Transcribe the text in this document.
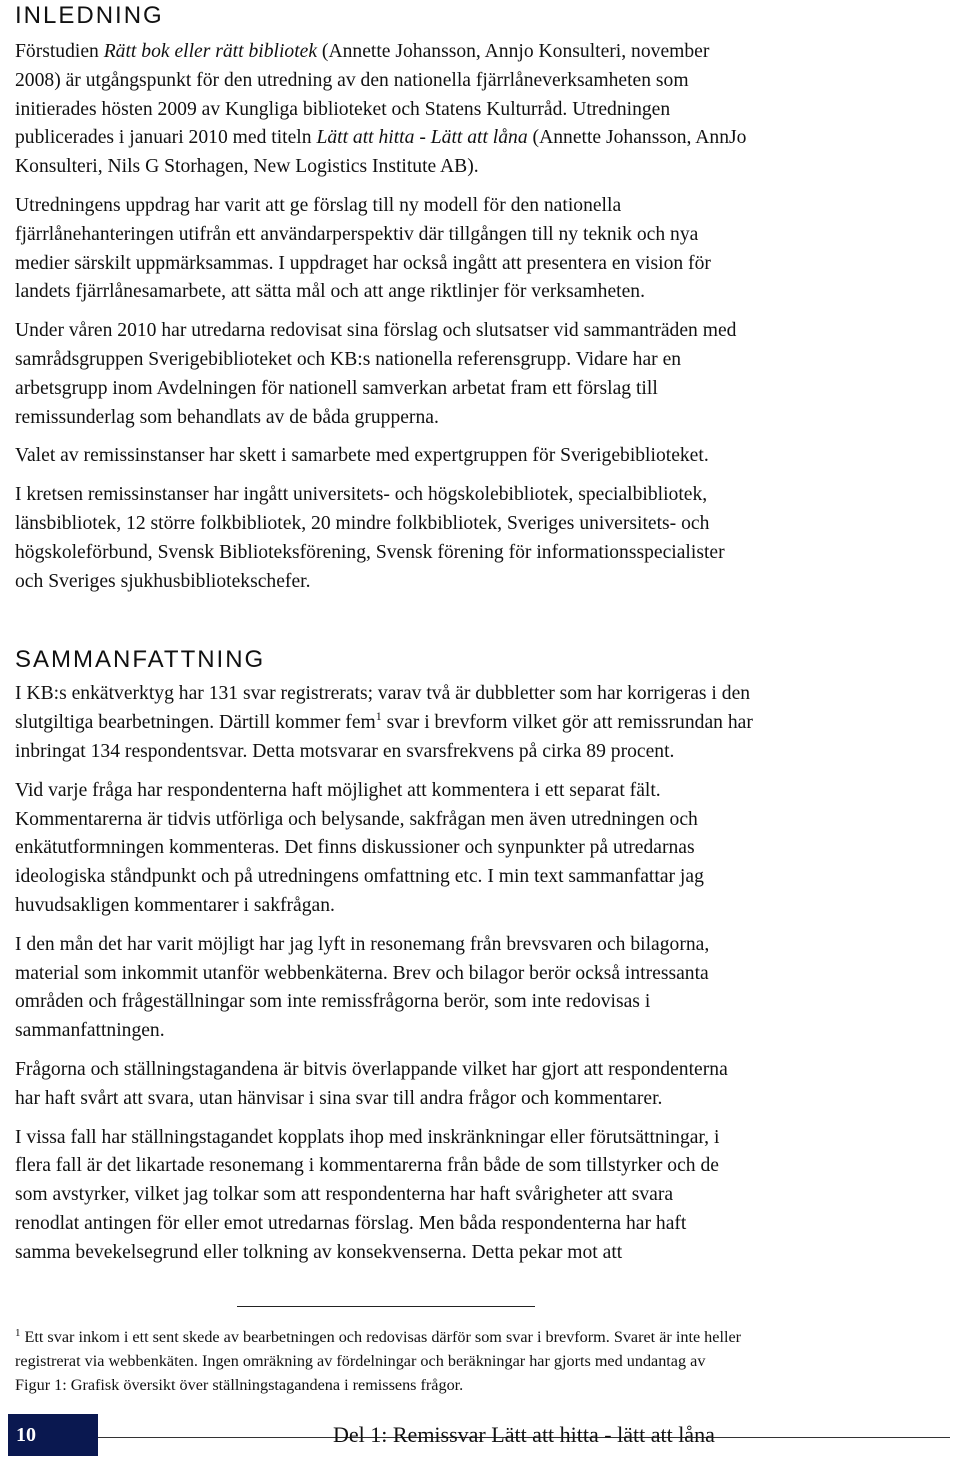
INLEDNING

Förstudien Rätt bok eller rätt bibliotek (Annette Johansson, Annjo Konsulteri, november
2008) är utgångspunkt för den utredning av den nationella fjärrlåneverksamheten som
initierades hösten 2009 av Kungliga biblioteket och Statens Kulturråd. Utredningen
publicerades i januari 2010 med titeln Lätt att hitta - Lätt att låna (Annette Johansson, AnnJo
Konsulteri, Nils G Storhagen, New Logistics Institute AB).

Utredningens uppdrag har varit att ge förslag till ny modell för den nationella
fjärrlånehanteringen utifrån ett användarperspektiv där tillgången till ny teknik och nya
medier särskilt uppmärksammas. I uppdraget har också ingått att presentera en vision för
landets fjärrlånesamarbete, att sätta mål och att ange riktlinjer för verksamheten.

Under våren 2010 har utredarna redovisat sina förslag och slutsatser vid sammanträden med
samrådsgruppen Sverigebiblioteket och KB:s nationella referensgrupp. Vidare har en
arbetsgrupp inom Avdelningen för nationell samverkan arbetat fram ett förslag till
remissunderlag som behandlats av de båda grupperna.

Valet av remissinstanser har skett i samarbete med expertgruppen för Sverigebiblioteket.

I kretsen remissinstanser har ingått universitets- och högskolebibliotek, specialbibliotek,
länsbibliotek, 12 större folkbibliotek, 20 mindre folkbibliotek, Sveriges universitets- och
högskoleförbund, Svensk Biblioteksförening, Svensk förening för informationsspecialister
och Sveriges sjukhusbibliotekschefer.

SAMMANFATTNING

I KB:s enkätverktyg har 131 svar registrerats; varav två är dubbletter som har korrigeras i den
slutgiltiga bearbetningen. Därtill kommer fem$^1$ svar i brevform vilket gör att remissrundan har
inbringat 134 respondentsvar. Detta motsvarar en svarsfrekvens på cirka 89 procent.

Vid varje fråga har respondenterna haft möjlighet att kommentera i ett separat fält.
Kommentarerna är tidvis utförliga och belysande, sakfrågan men även utredningen och
enkätutformningen kommenteras. Det finns diskussioner och synpunkter på utredarnas
ideologiska ståndpunkt och på utredningens omfattning etc. I min text sammanfattar jag
huvudsakligen kommentarer i sakfrågan.

I den mån det har varit möjligt har jag lyft in resonemang från brevsvaren och bilagorna,
material som inkommit utanför webbenkäterna. Brev och bilagor berör också intressanta
områden och frågeställningar som inte remissfrågorna berör, som inte redovisas i
sammanfattningen.

Frågorna och ställningstagandena är bitvis överlappande vilket har gjort att respondenterna
har haft svårt att svara, utan hänvisar i sina svar till andra frågor och kommentarer.

I vissa fall har ställningstagandet kopplats ihop med inskränkningar eller förutsättningar, i
flera fall är det likartade resonemang i kommentarerna från både de som tillstyrker och de
som avstyrker, vilket jag tolkar som att respondenterna har haft svårigheter att svara
renodlat antingen för eller emot utredarnas förslag. Men båda respondenterna har haft
samma bevekelsegrund eller tolkning av konsekvenserna. Detta pekar mot att

$^1$ Ett svar inkom i ett sent skede av bearbetningen och redovisas därför som svar i brevform. Svaret är inte heller
registrerat via webbenkäten. Ingen omräkning av fördelningar och beräkningar har gjorts med undantag av
Figur 1: Grafisk översikt över ställningstagandena i remissens frågor.
10	Del 1: Remissvar Lätt att hitta - lätt att låna
